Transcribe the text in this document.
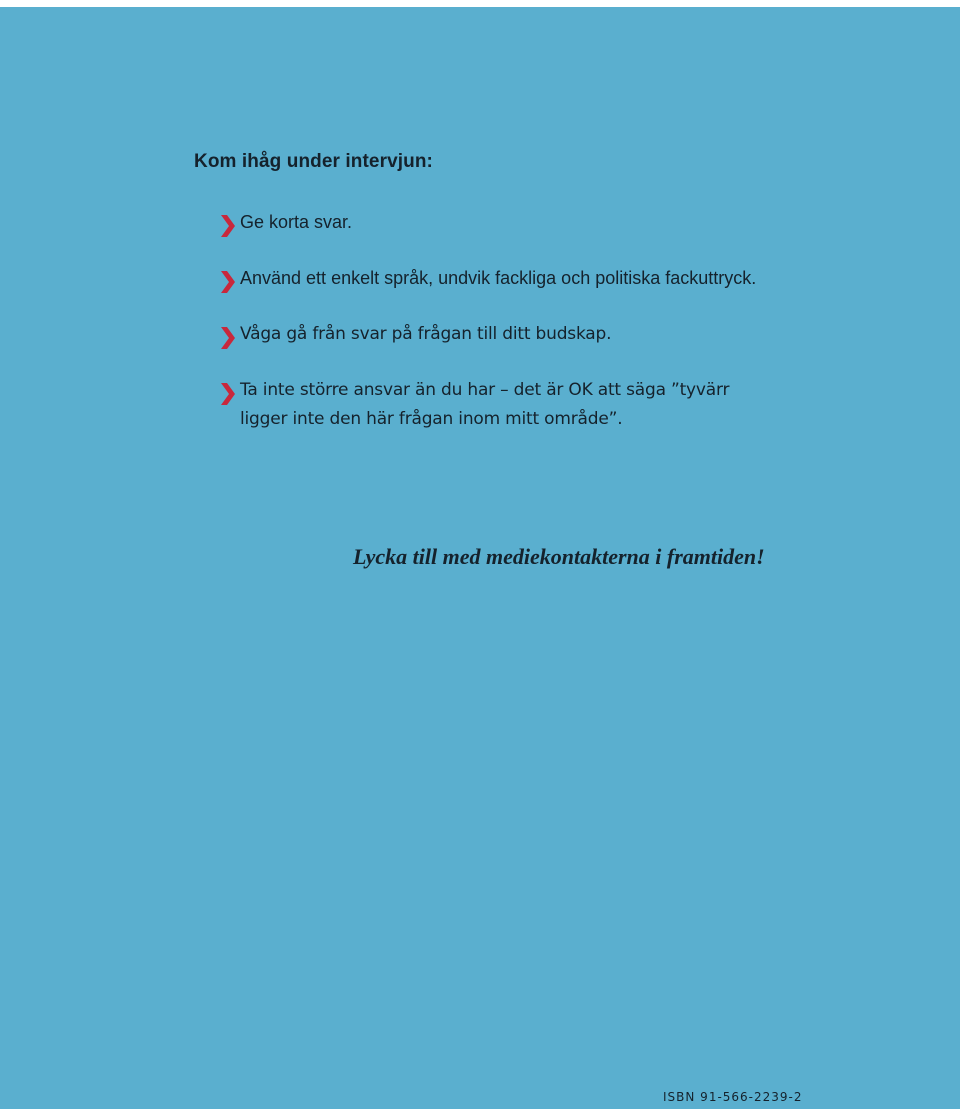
Kom ihåg under intervjun:
Ge korta svar.
Använd ett enkelt språk, undvik fackliga och politiska fackuttryck.
Våga gå från svar på frågan till ditt budskap.
Ta inte större ansvar än du har – det är OK att säga ”tyvärr ligger inte den här frågan inom mitt område”.

Lycka till med mediekontakterna i framtiden!

ISBN 91-566-2239-2
